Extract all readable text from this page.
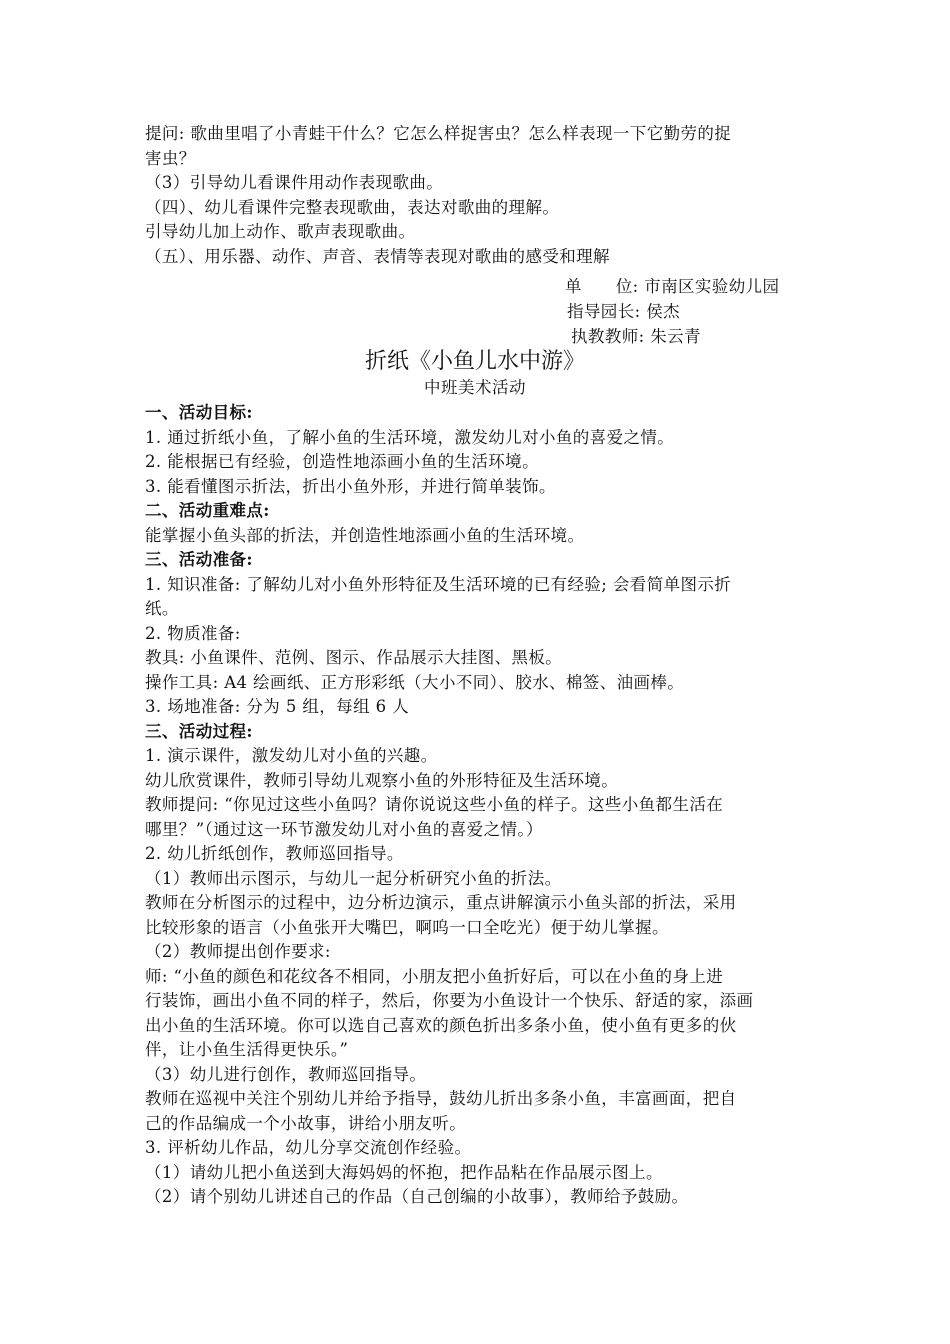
提问: 歌曲里唱了小青蛙干什么？它怎么样捉害虫？怎么样表现一下它勤劳的捉
害虫？
（3）引导幼儿看课件用动作表现歌曲。
（四）、幼儿看课件完整表现歌曲，表达对歌曲的理解。
引导幼儿加上动作、歌声表现歌曲。
（五）、用乐器、动作、声音、表情等表现对歌曲的感受和理解
单　　位: 市南区实验幼儿园
指导园长: 侯杰
执教教师: 朱云青
折纸《小鱼儿水中游》
中班美术活动
一、活动目标:
1. 通过折纸小鱼，了解小鱼的生活环境，激发幼儿对小鱼的喜爱之情。
2. 能根据已有经验，创造性地添画小鱼的生活环境。
3. 能看懂图示折法，折出小鱼外形，并进行简单装饰。
二、活动重难点:
能掌握小鱼头部的折法，并创造性地添画小鱼的生活环境。
三、活动准备:
1. 知识准备: 了解幼儿对小鱼外形特征及生活环境的已有经验; 会看简单图示折
纸。
2. 物质准备:
教具: 小鱼课件、范例、图示、作品展示大挂图、黑板。
操作工具: A4 绘画纸、正方形彩纸（大小不同）、胶水、棉签、油画棒。
3. 场地准备: 分为 5 组，每组 6 人
三、活动过程:
1. 演示课件，激发幼儿对小鱼的兴趣。
幼儿欣赏课件，教师引导幼儿观察小鱼的外形特征及生活环境。
教师提问: “你见过这些小鱼吗？请你说说这些小鱼的样子。这些小鱼都生活在
哪里？”（通过这一环节激发幼儿对小鱼的喜爱之情。）
2. 幼儿折纸创作，教师巡回指导。
（1）教师出示图示，与幼儿一起分析研究小鱼的折法。
教师在分析图示的过程中，边分析边演示，重点讲解演示小鱼头部的折法，采用
比较形象的语言（小鱼张开大嘴巴，啊呜一口全吃光）便于幼儿掌握。
（2）教师提出创作要求:
师: “小鱼的颜色和花纹各不相同，小朋友把小鱼折好后，可以在小鱼的身上进
行装饰，画出小鱼不同的样子，然后，你要为小鱼设计一个快乐、舒适的家，添画
出小鱼的生活环境。你可以选自己喜欢的颜色折出多条小鱼，使小鱼有更多的伙
伴，让小鱼生活得更快乐。”
（3）幼儿进行创作，教师巡回指导。
教师在巡视中关注个别幼儿并给予指导，鼓幼儿折出多条小鱼，丰富画面，把自
己的作品编成一个小故事，讲给小朋友听。
3. 评析幼儿作品，幼儿分享交流创作经验。
（1）请幼儿把小鱼送到大海妈妈的怀抱，把作品粘在作品展示图上。
（2）请个别幼儿讲述自己的作品（自己创编的小故事），教师给予鼓励。
